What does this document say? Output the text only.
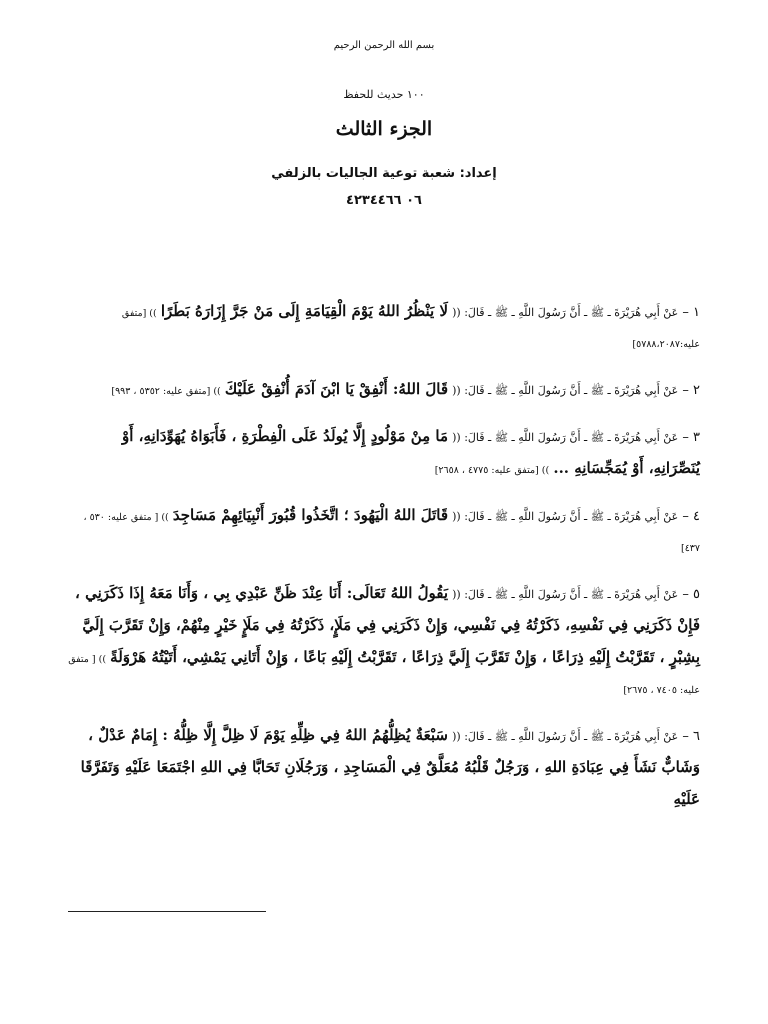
بسم الله الرحمن الرحيم
١٠٠ حديث للحفظ
الجزء الثالث
إعداد: شعبة توعية الجاليات بالزلفي
٠٦ ٤٢٣٤٤٦٦

١ – عَنْ أَبِي هُرَيْرَةَ ـ ﷺ ـ أَنَّ رَسُولَ اللَّهِ ـ ﷺ ـ قَالَ: (( لَا يَنْظُرُ اللهُ يَوْمَ الْقِيَامَةِ إِلَى مَنْ جَرَّ إِزَارَهُ بَطَرًا )) [متفق عليه:٥٧٨٨،٢٠٨٧]

٢ – عَنْ أَبِي هُرَيْرَةَ ـ ﷺ ـ أَنَّ رَسُولَ اللَّهِ ـ ﷺ ـ قَالَ: (( قَالَ اللهُ: أَنْفِقْ يَا ابْنَ آدَمَ أُنْفِقْ عَلَيْكَ )) [متفق عليه: ٥٣٥٢ ، ٩٩٣]

٣ – عَنْ أَبِي هُرَيْرَةَ ـ ﷺ ـ أَنَّ رَسُولَ اللَّهِ ـ ﷺ ـ قَالَ: (( مَا مِنْ مَوْلُودٍ إِلَّا يُولَدُ عَلَى الْفِطْرَةِ ، فَأَبَوَاهُ يُهَوِّدَانِهِ، أَوْ يُنَصِّرَانِهِ، أَوْ يُمَجِّسَانِهِ ... )) [متفق عليه: ٤٧٧٥ ، ٢٦٥٨]

٤ – عَنْ أَبِي هُرَيْرَةَ ـ ﷺ ـ أَنَّ رَسُولَ اللَّهِ ـ ﷺ ـ قَالَ: (( قَاتَلَ اللهُ الْيَهُودَ ؛ اتَّخَذُوا قُبُورَ أَنْبِيَائِهِمْ مَسَاجِدَ )) [ متفق عليه: ٥٣٠ ، ٤٣٧]

٥ – عَنْ أَبِي هُرَيْرَةَ ـ ﷺ ـ أَنَّ رَسُولَ اللَّهِ ـ ﷺ ـ قَالَ: (( يَقُولُ اللهُ تَعَالَى: أَنَا عِنْدَ ظَنِّ عَبْدِي بِي ، وَأَنَا مَعَهُ إِذَا ذَكَرَنِي ، فَإِنْ ذَكَرَنِي فِي نَفْسِهِ، ذَكَرْتُهُ فِي نَفْسِي، وَإِنْ ذَكَرَنِي فِي مَلَإٍ، ذَكَرْتُهُ فِي مَلَإٍ خَيْرٍ مِنْهُمْ، وَإِنْ تَقَرَّبَ إِلَيَّ بِشِبْرٍ ، تَقَرَّبْتُ إِلَيْهِ ذِرَاعًا ، وَإِنْ تَقَرَّبَ إِلَيَّ ذِرَاعًا ، تَقَرَّبْتُ إِلَيْهِ بَاعًا ، وَإِنْ أَتَانِي يَمْشِي، أَتَيْتُهُ هَرْوَلَةً )) [ متفق عليه: ٧٤٠٥ ، ٢٦٧٥]

٦ – عَنْ أَبِي هُرَيْرَةَ ـ ﷺ ـ أَنَّ رَسُولَ اللَّهِ ـ ﷺ ـ قَالَ: (( سَبْعَةٌ يُظِلُّهُمُ اللهُ فِي ظِلِّهِ يَوْمَ لَا ظِلَّ إِلَّا ظِلُّهُ : إِمَامٌ عَدْلٌ ، وَشَابٌّ نَشَأَ فِي عِبَادَةِ اللهِ ، وَرَجُلٌ قَلْبُهُ مُعَلَّقٌ فِي الْمَسَاجِدِ ، وَرَجُلَانِ تَحَابَّا فِي اللهِ اجْتَمَعَا عَلَيْهِ وَتَفَرَّقَا عَلَيْهِ
